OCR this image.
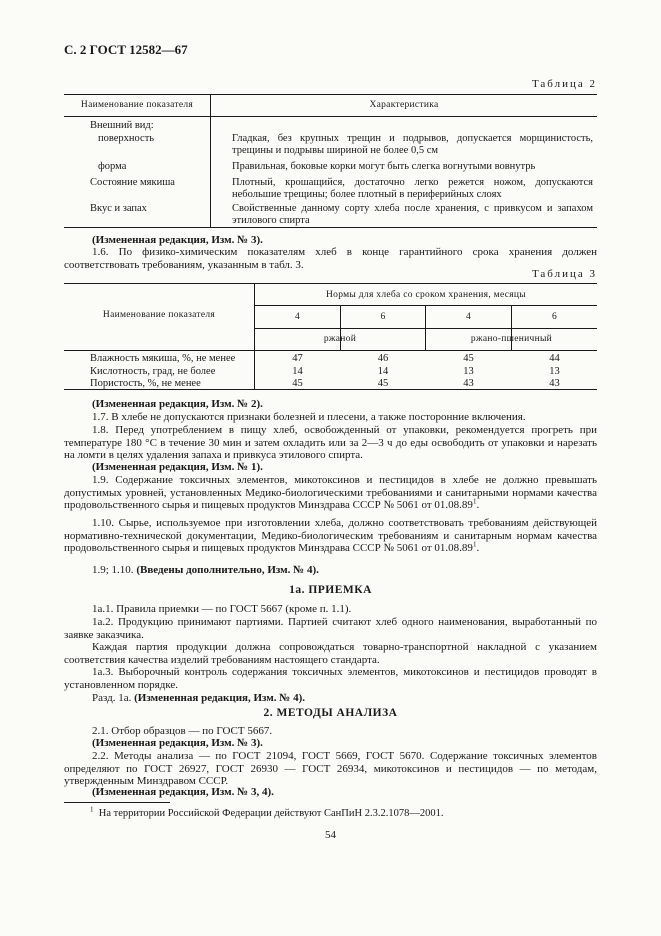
С. 2 ГОСТ 12582—67
Таблица 2
Наименование показателя	Характеристика
Внешний вид:
поверхность	Гладкая, без крупных трещин и подрывов, допускается морщинистость, трещины и подрывы шириной не более 0,5 см
форма	Правильная, боковые корки могут быть слегка вогнутыми вовнутрь
Состояние мякиша	Плотный, крошащийся, достаточно легко режется ножом, допускаются небольшие трещины; более плотный в периферийных слоях
Вкус и запах	Свойственные данному сорту хлеба после хранения, с привкусом и запахом этилового спирта
(Измененная редакция, Изм. № 3).
1.6. По физико-химическим показателям хлеб в конце гарантийного срока хранения должен соответствовать требованиям, указанным в табл. 3.
Таблица 3
Наименование показателя
Нормы для хлеба со сроком хранения, месяцы
4	6	4	6
ржаной	ржано-пшеничный
Влажность мякиша, %, не менее	47	46	45	44
Кислотность, град, не более	14	14	13	13
Пористость, %, не менее	45	45	43	43
(Измененная редакция, Изм. № 2).
1.7. В хлебе не допускаются признаки болезней и плесени, а также посторонние включения.
1.8. Перед употреблением в пищу хлеб, освобожденный от упаковки, рекомендуется прогреть при температуре 180 °С в течение 30 мин и затем охладить или за 2—3 ч до еды освободить от упаковки и нарезать на ломти в целях удаления запаха и привкуса этилового спирта.
(Измененная редакция, Изм. № 1).
1.9. Содержание токсичных элементов, микотоксинов и пестицидов в хлебе не должно превышать допустимых уровней, установленных Медико-биологическими требованиями и санитарными нормами качества продовольственного сырья и пищевых продуктов Минздрава СССР № 5061 от 01.08.89$^1$.
1.10. Сырье, используемое при изготовлении хлеба, должно соответствовать требованиям действующей нормативно-технической документации, Медико-биологическим требованиям и санитарным нормам качества продовольственного сырья и пищевых продуктов Минздрава СССР № 5061 от 01.08.89$^1$.
1.9; 1.10. (Введены дополнительно, Изм. № 4).
1а. ПРИЕМКА
1а.1. Правила приемки — по ГОСТ 5667 (кроме п. 1.1).
1а.2. Продукцию принимают партиями. Партией считают хлеб одного наименования, выработанный по заявке заказчика.
Каждая партия продукции должна сопровождаться товарно-транспортной накладной с указанием соответствия качества изделий требованиям настоящего стандарта.
1а.3. Выборочный контроль содержания токсичных элементов, микотоксинов и пестицидов проводят в установленном порядке.
Разд. 1а. (Измененная редакция, Изм. № 4).
2. МЕТОДЫ АНАЛИЗА
2.1. Отбор образцов — по ГОСТ 5667.
(Измененная редакция, Изм. № 3).
2.2. Методы анализа — по ГОСТ 21094, ГОСТ 5669, ГОСТ 5670. Содержание токсичных элементов определяют по ГОСТ 26927, ГОСТ 26930 — ГОСТ 26934, микотоксинов и пестицидов — по методам, утвержденным Минздравом СССР.
(Измененная редакция, Изм. № 3, 4).
$^1$ На территории Российской Федерации действуют СанПиН 2.3.2.1078—2001.
54
